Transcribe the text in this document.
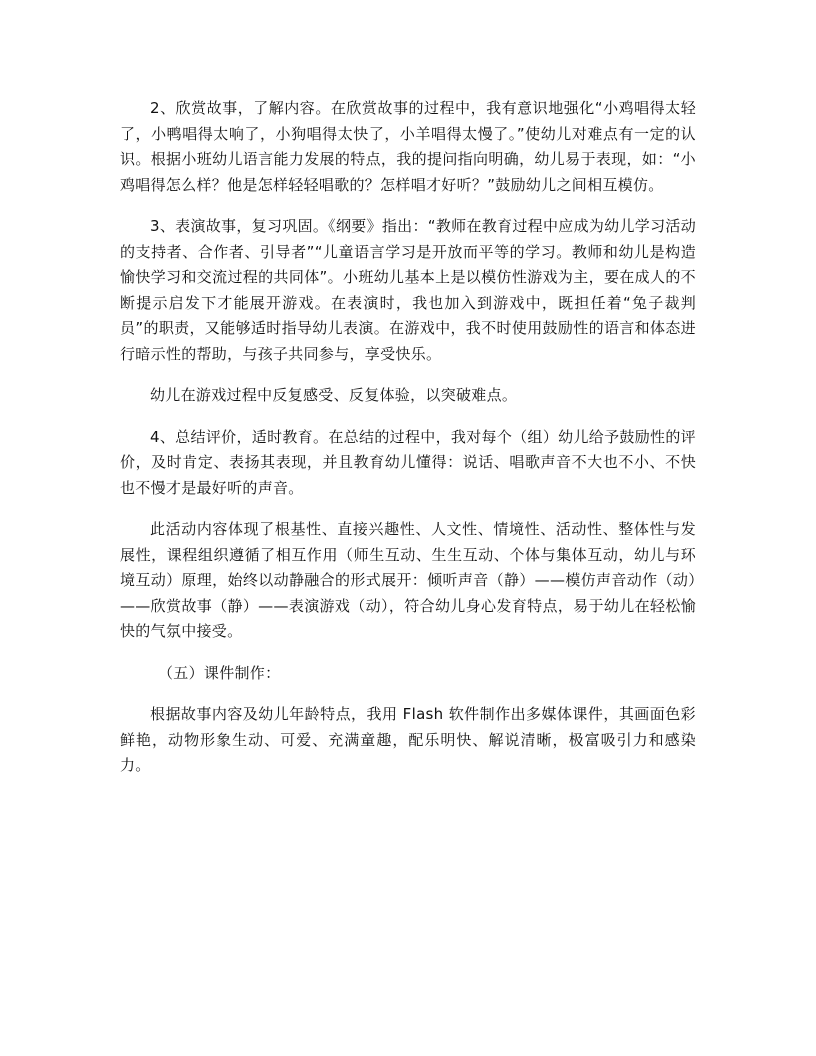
2、欣赏故事，了解内容。在欣赏故事的过程中，我有意识地强化“小鸡唱得太轻了，小鸭唱得太响了，小狗唱得太快了，小羊唱得太慢了。”使幼儿对难点有一定的认识。根据小班幼儿语言能力发展的特点，我的提问指向明确，幼儿易于表现，如：“小鸡唱得怎么样？他是怎样轻轻唱歌的？怎样唱才好听？”鼓励幼儿之间相互模仿。

3、表演故事，复习巩固。《纲要》指出：“教师在教育过程中应成为幼儿学习活动的支持者、合作者、引导者”“儿童语言学习是开放而平等的学习。教师和幼儿是构造愉快学习和交流过程的共同体”。小班幼儿基本上是以模仿性游戏为主，要在成人的不断提示启发下才能展开游戏。在表演时，我也加入到游戏中，既担任着“兔子裁判员”的职责，又能够适时指导幼儿表演。在游戏中，我不时使用鼓励性的语言和体态进行暗示性的帮助，与孩子共同参与，享受快乐。

幼儿在游戏过程中反复感受、反复体验，以突破难点。

4、总结评价，适时教育。在总结的过程中，我对每个（组）幼儿给予鼓励性的评价，及时肯定、表扬其表现，并且教育幼儿懂得：说话、唱歌声音不大也不小、不快也不慢才是最好听的声音。

此活动内容体现了根基性、直接兴趣性、人文性、情境性、活动性、整体性与发展性，课程组织遵循了相互作用（师生互动、生生互动、个体与集体互动，幼儿与环境互动）原理，始终以动静融合的形式展开：倾听声音（静）——模仿声音动作（动）——欣赏故事（静）——表演游戏（动），符合幼儿身心发育特点，易于幼儿在轻松愉快的气氛中接受。

（五）课件制作：

根据故事内容及幼儿年龄特点，我用 Flash 软件制作出多媒体课件，其画面色彩鲜艳，动物形象生动、可爱、充满童趣，配乐明快、解说清晰，极富吸引力和感染力。
